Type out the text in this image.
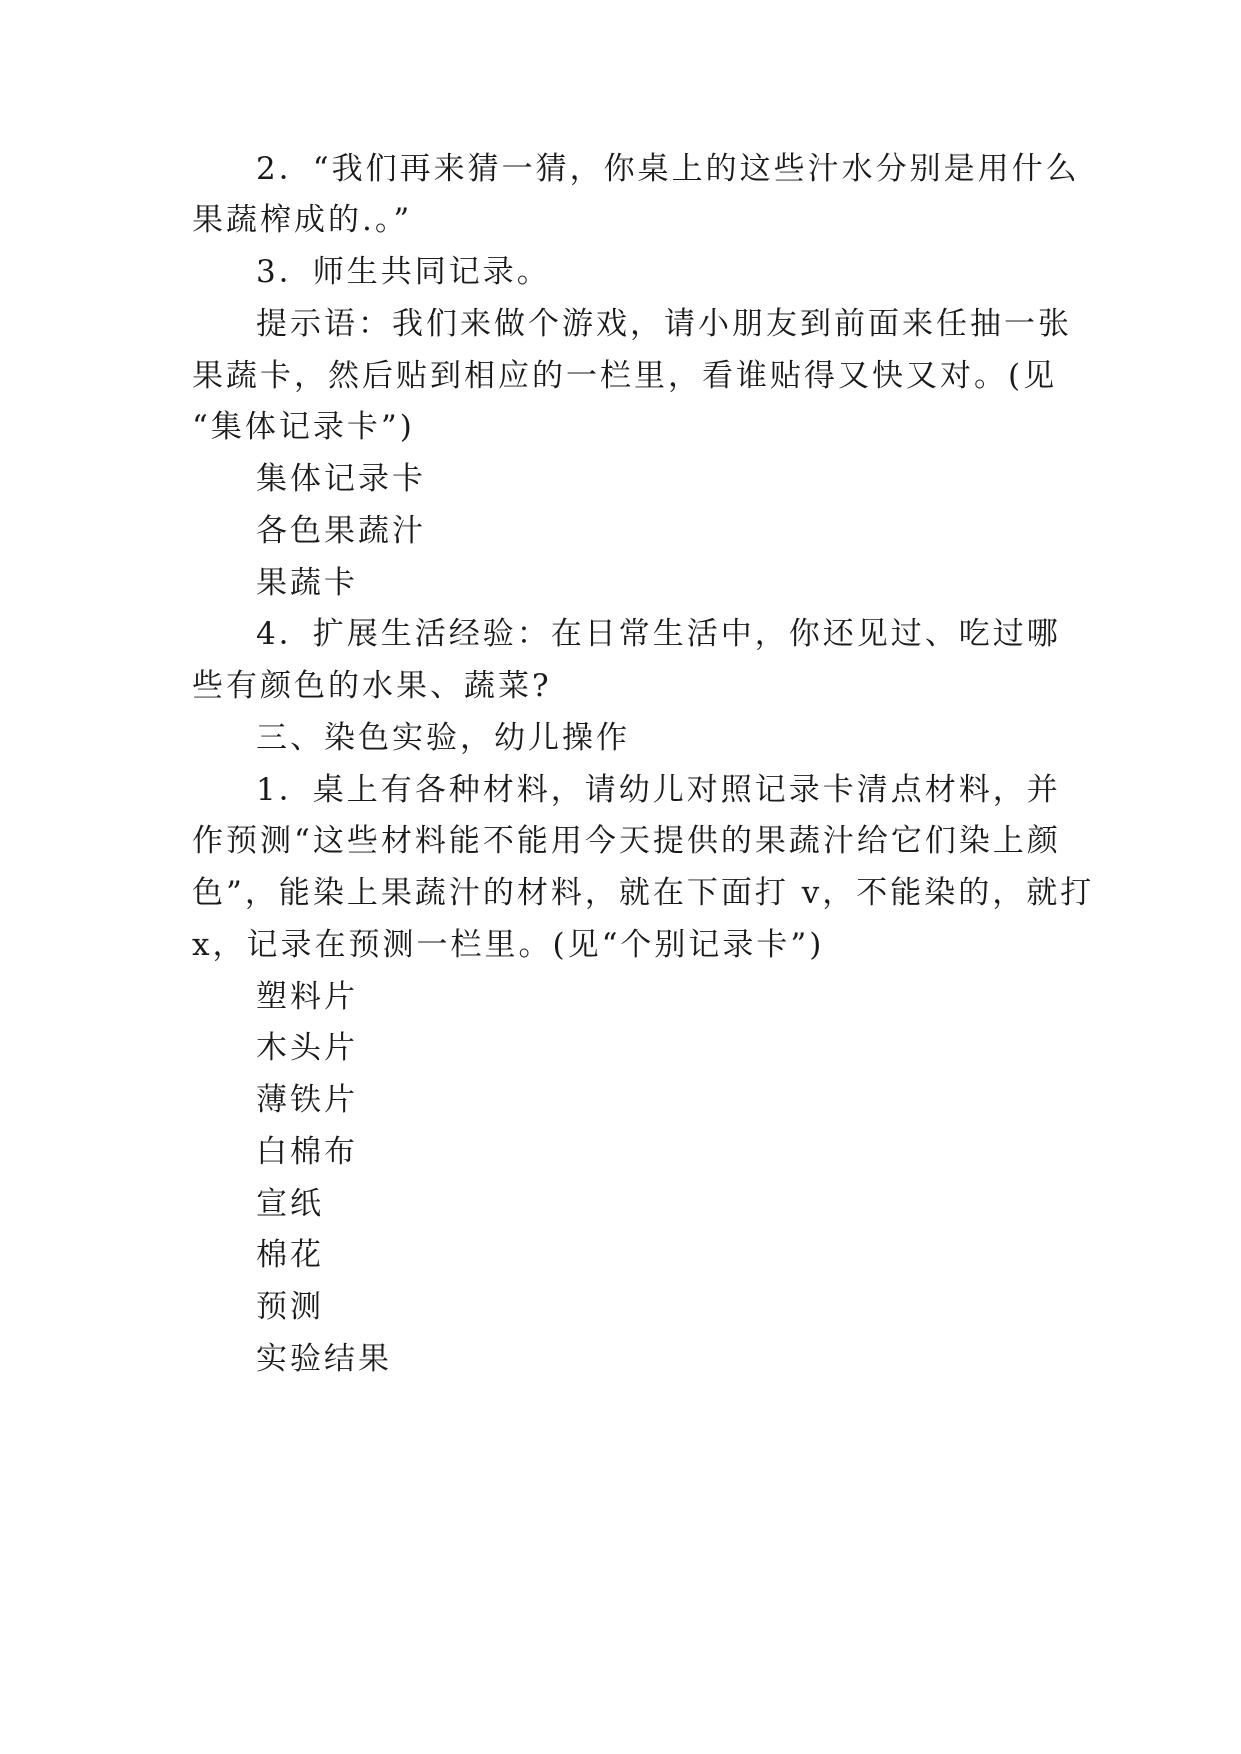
2．“我们再来猜一猜，你桌上的这些汁水分别是用什么
果蔬榨成的.。”
3．师生共同记录。
提示语：我们来做个游戏，请小朋友到前面来任抽一张
果蔬卡，然后贴到相应的一栏里，看谁贴得又快又对。(见
“集体记录卡”)
集体记录卡
各色果蔬汁
果蔬卡
4．扩展生活经验：在日常生活中，你还见过、吃过哪
些有颜色的水果、蔬菜?
三、染色实验，幼儿操作
1．桌上有各种材料，请幼儿对照记录卡清点材料，并
作预测“这些材料能不能用今天提供的果蔬汁给它们染上颜
色”，能染上果蔬汁的材料，就在下面打 v，不能染的，就打
x，记录在预测一栏里。(见“个别记录卡”)
塑料片
木头片
薄铁片
白棉布
宣纸
棉花
预测
实验结果
